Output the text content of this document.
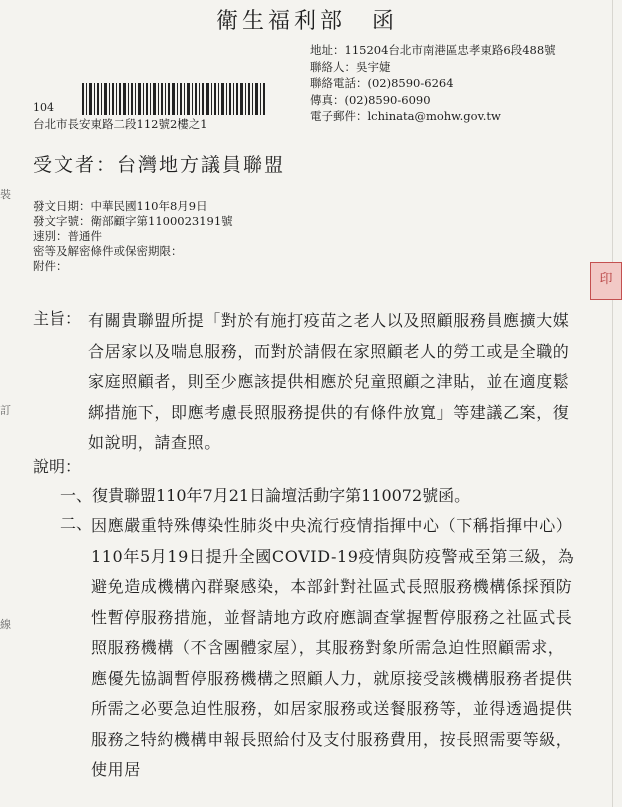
衛生福利部　函
地址：115204台北市南港區忠孝東路6段488號
聯絡人：吳宇婕
聯絡電話：(02)8590-6264
傳真：(02)8590-6090
電子郵件：lchinata@mohw.gov.tw
104
台北市長安東路二段112號2樓之1
受文者：台灣地方議員聯盟
發文日期：中華民國110年8月9日
發文字號：衛部顧字第1100023191號
速別：普通件
密等及解密條件或保密期限：
附件：
印
裝
訂
線
主旨： 有關貴聯盟所提「對於有施打疫苗之老人以及照顧服務員應擴大媒合居家以及喘息服務，而對於請假在家照顧老人的勞工或是全職的家庭照顧者，則至少應該提供相應於兒童照顧之津貼，並在適度鬆綁措施下，即應考慮長照服務提供的有條件放寬」等建議乙案，復如說明，請查照。
說明：
一、復貴聯盟110年7月21日論壇活動字第110072號函。
二、
因應嚴重特殊傳染性肺炎中央流行疫情指揮中心（下稱指揮中心）110年5月19日提升全國COVID-19疫情與防疫警戒至第三級，為避免造成機構內群聚感染，本部針對社區式長照服務機構係採預防性暫停服務措施，並督請地方政府應調查掌握暫停服務之社區式長照服務機構（不含團體家屋），其服務對象所需急迫性照顧需求，應優先協調暫停服務機構之照顧人力，就原接受該機構服務者提供所需之必要急迫性服務，如居家服務或送餐服務等，並得透過提供服務之特約機構申報長照給付及支付服務費用，按長照需要等級，使用居
